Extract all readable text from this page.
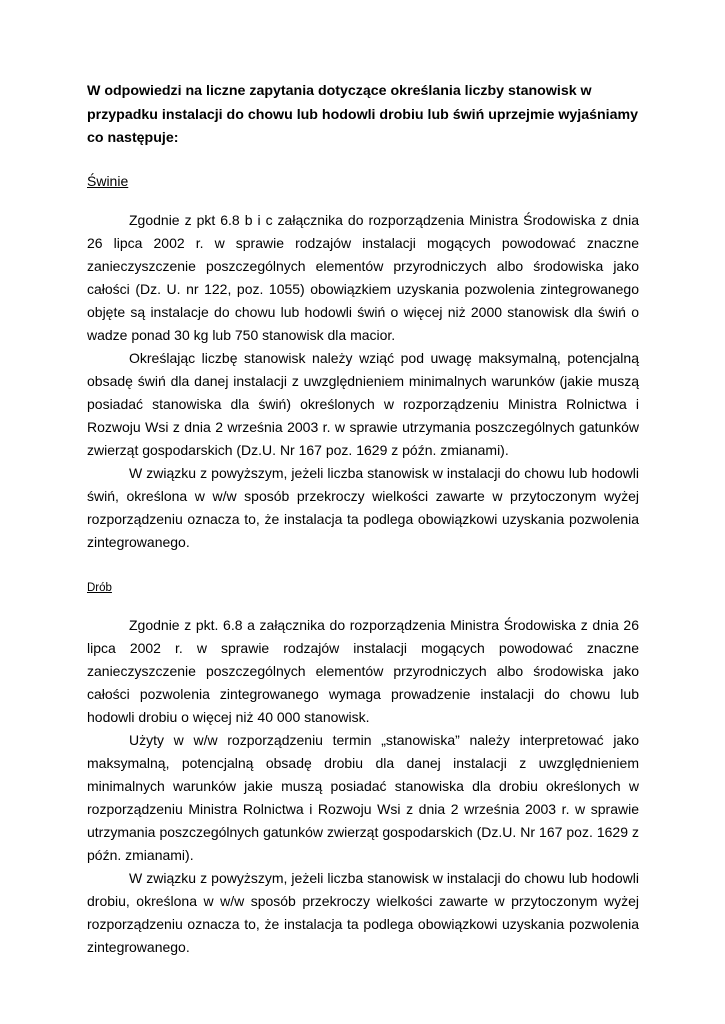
W odpowiedzi na liczne zapytania dotyczące określania liczby stanowisk w przypadku instalacji do chowu lub hodowli drobiu lub świń uprzejmie wyjaśniamy co następuje:
Świnie

Zgodnie z pkt 6.8 b i c załącznika do rozporządzenia Ministra Środowiska z dnia 26 lipca 2002 r. w sprawie rodzajów instalacji mogących powodować znaczne zanieczyszczenie poszczególnych elementów przyrodniczych albo środowiska jako całości (Dz. U. nr 122, poz. 1055) obowiązkiem uzyskania pozwolenia zintegrowanego objęte są instalacje do chowu lub hodowli świń o więcej niż 2000 stanowisk dla świń o wadze ponad 30 kg lub 750 stanowisk dla macior.

Określając liczbę stanowisk należy wziąć pod uwagę maksymalną, potencjalną obsadę świń dla danej instalacji z uwzględnieniem minimalnych warunków (jakie muszą posiadać stanowiska dla świń) określonych w rozporządzeniu Ministra Rolnictwa i Rozwoju Wsi z dnia 2 września 2003 r. w sprawie utrzymania poszczególnych gatunków zwierząt gospodarskich (Dz.U. Nr 167 poz. 1629 z późn. zmianami).

W związku z powyższym, jeżeli liczba stanowisk w instalacji do chowu lub hodowli świń, określona w w/w sposób przekroczy wielkości zawarte w przytoczonym wyżej rozporządzeniu oznacza to, że instalacja ta podlega obowiązkowi uzyskania pozwolenia zintegrowanego.

Drób

Zgodnie z pkt. 6.8 a załącznika do rozporządzenia Ministra Środowiska z dnia 26 lipca 2002 r. w sprawie rodzajów instalacji mogących powodować znaczne zanieczyszczenie poszczególnych elementów przyrodniczych albo środowiska jako całości pozwolenia zintegrowanego wymaga prowadzenie instalacji do chowu lub hodowli drobiu o więcej niż 40 000 stanowisk.

Użyty w w/w rozporządzeniu termin „stanowiska” należy interpretować jako maksymalną, potencjalną obsadę drobiu dla danej instalacji z uwzględnieniem minimalnych warunków jakie muszą posiadać stanowiska dla drobiu określonych w rozporządzeniu Ministra Rolnictwa i Rozwoju Wsi z dnia 2 września 2003 r. w sprawie utrzymania poszczególnych gatunków zwierząt gospodarskich (Dz.U. Nr 167 poz. 1629 z późn. zmianami).

W związku z powyższym, jeżeli liczba stanowisk w instalacji do chowu lub hodowli drobiu, określona w w/w sposób przekroczy wielkości zawarte w przytoczonym wyżej rozporządzeniu oznacza to, że instalacja ta podlega obowiązkowi uzyskania pozwolenia zintegrowanego.
